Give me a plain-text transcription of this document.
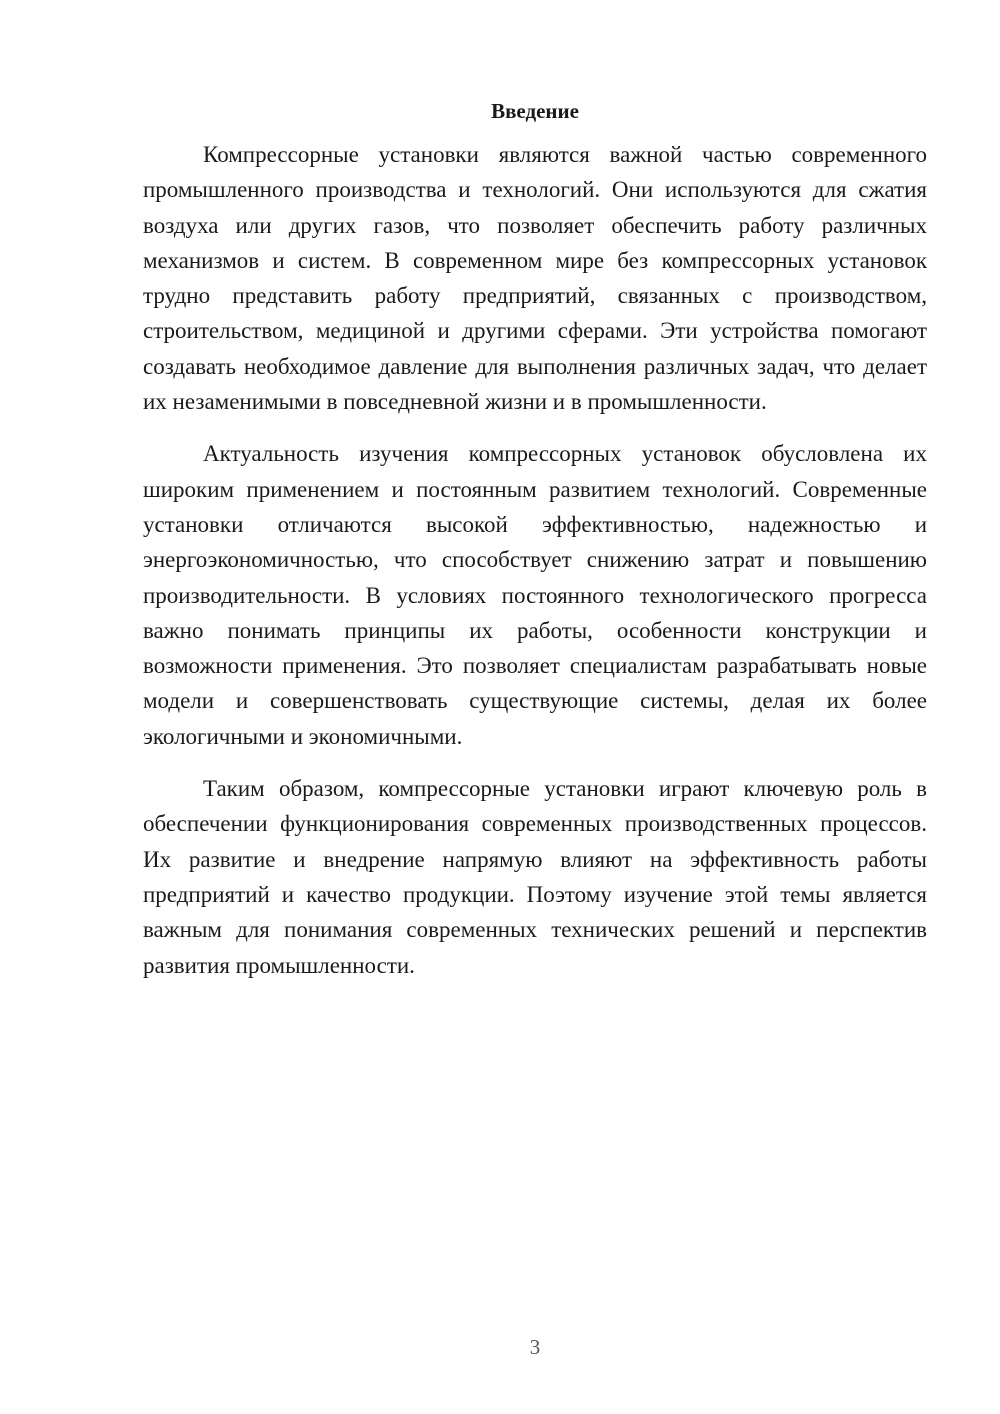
Введение

Компрессорные установки являются важной частью современного промышленного производства и технологий. Они используются для сжатия воздуха или других газов, что позволяет обеспечить работу различных механизмов и систем. В современном мире без компрессорных установок трудно представить работу предприятий, связанных с производством, строительством, медициной и другими сферами. Эти устройства помогают создавать необходимое давление для выполнения различных задач, что делает их незаменимыми в повседневной жизни и в промышленности.

Актуальность изучения компрессорных установок обусловлена их широким применением и постоянным развитием технологий. Современные установки отличаются высокой эффективностью, надежностью и энергоэкономичностью, что способствует снижению затрат и повышению производительности. В условиях постоянного технологического прогресса важно понимать принципы их работы, особенности конструкции и возможности применения. Это позволяет специалистам разрабатывать новые модели и совершенствовать существующие системы, делая их более экологичными и экономичными.

Таким образом, компрессорные установки играют ключевую роль в обеспечении функционирования современных производственных процессов. Их развитие и внедрение напрямую влияют на эффективность работы предприятий и качество продукции. Поэтому изучение этой темы является важным для понимания современных технических решений и перспектив развития промышленности.

3
